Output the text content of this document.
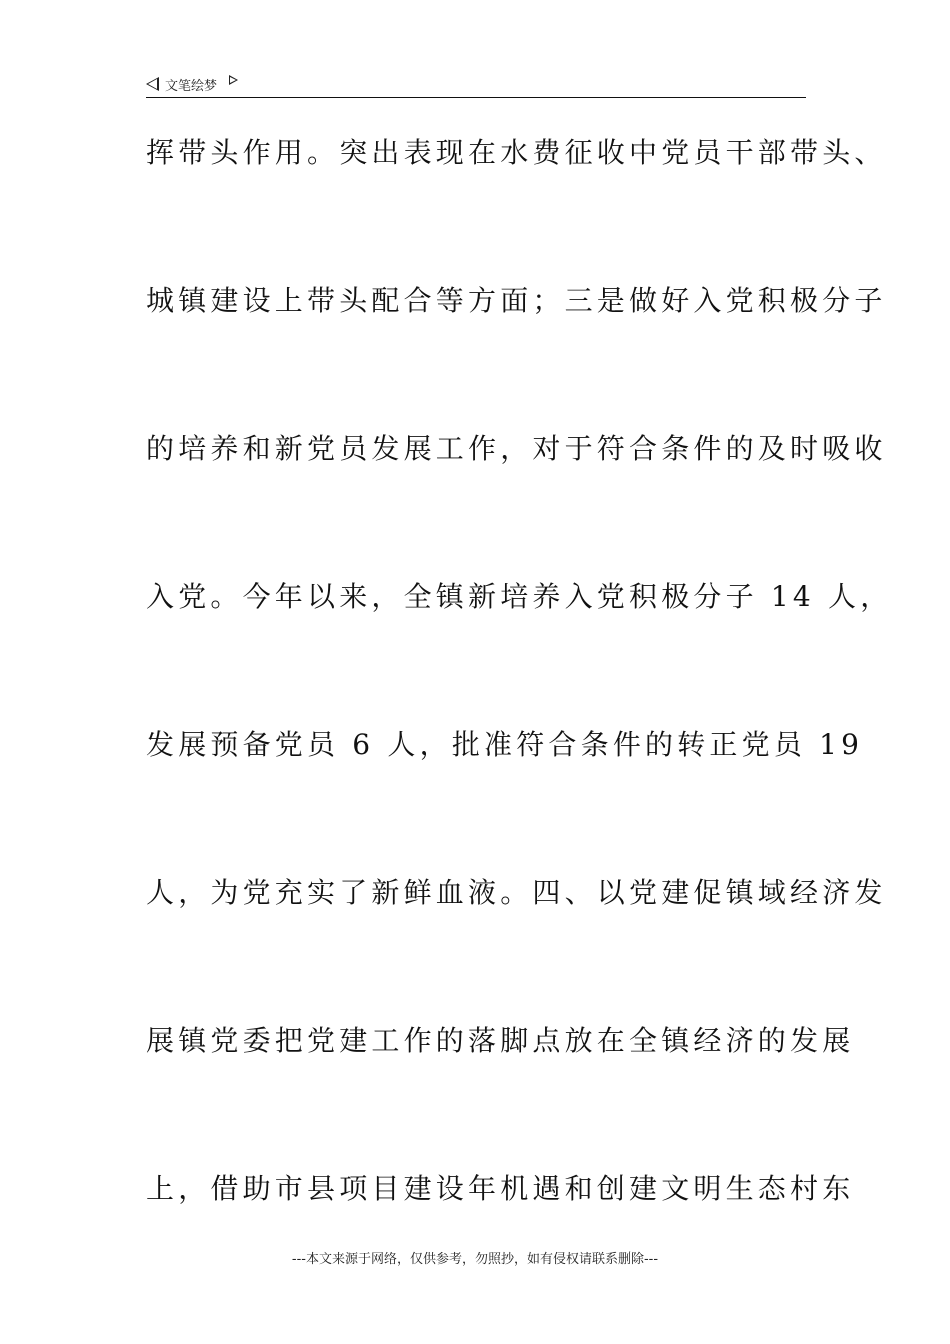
文笔绘梦
挥带头作用。突出表现在水费征收中党员干部带头、
城镇建设上带头配合等方面；三是做好入党积极分子
的培养和新党员发展工作，对于符合条件的及时吸收
入党。今年以来，全镇新培养入党积极分子 14 人，
发展预备党员 6 人，批准符合条件的转正党员 19
人，为党充实了新鲜血液。四、以党建促镇域经济发
展镇党委把党建工作的落脚点放在全镇经济的发展
上，借助市县项目建设年机遇和创建文明生态村东
---本文来源于网络，仅供参考，勿照抄，如有侵权请联系删除---
